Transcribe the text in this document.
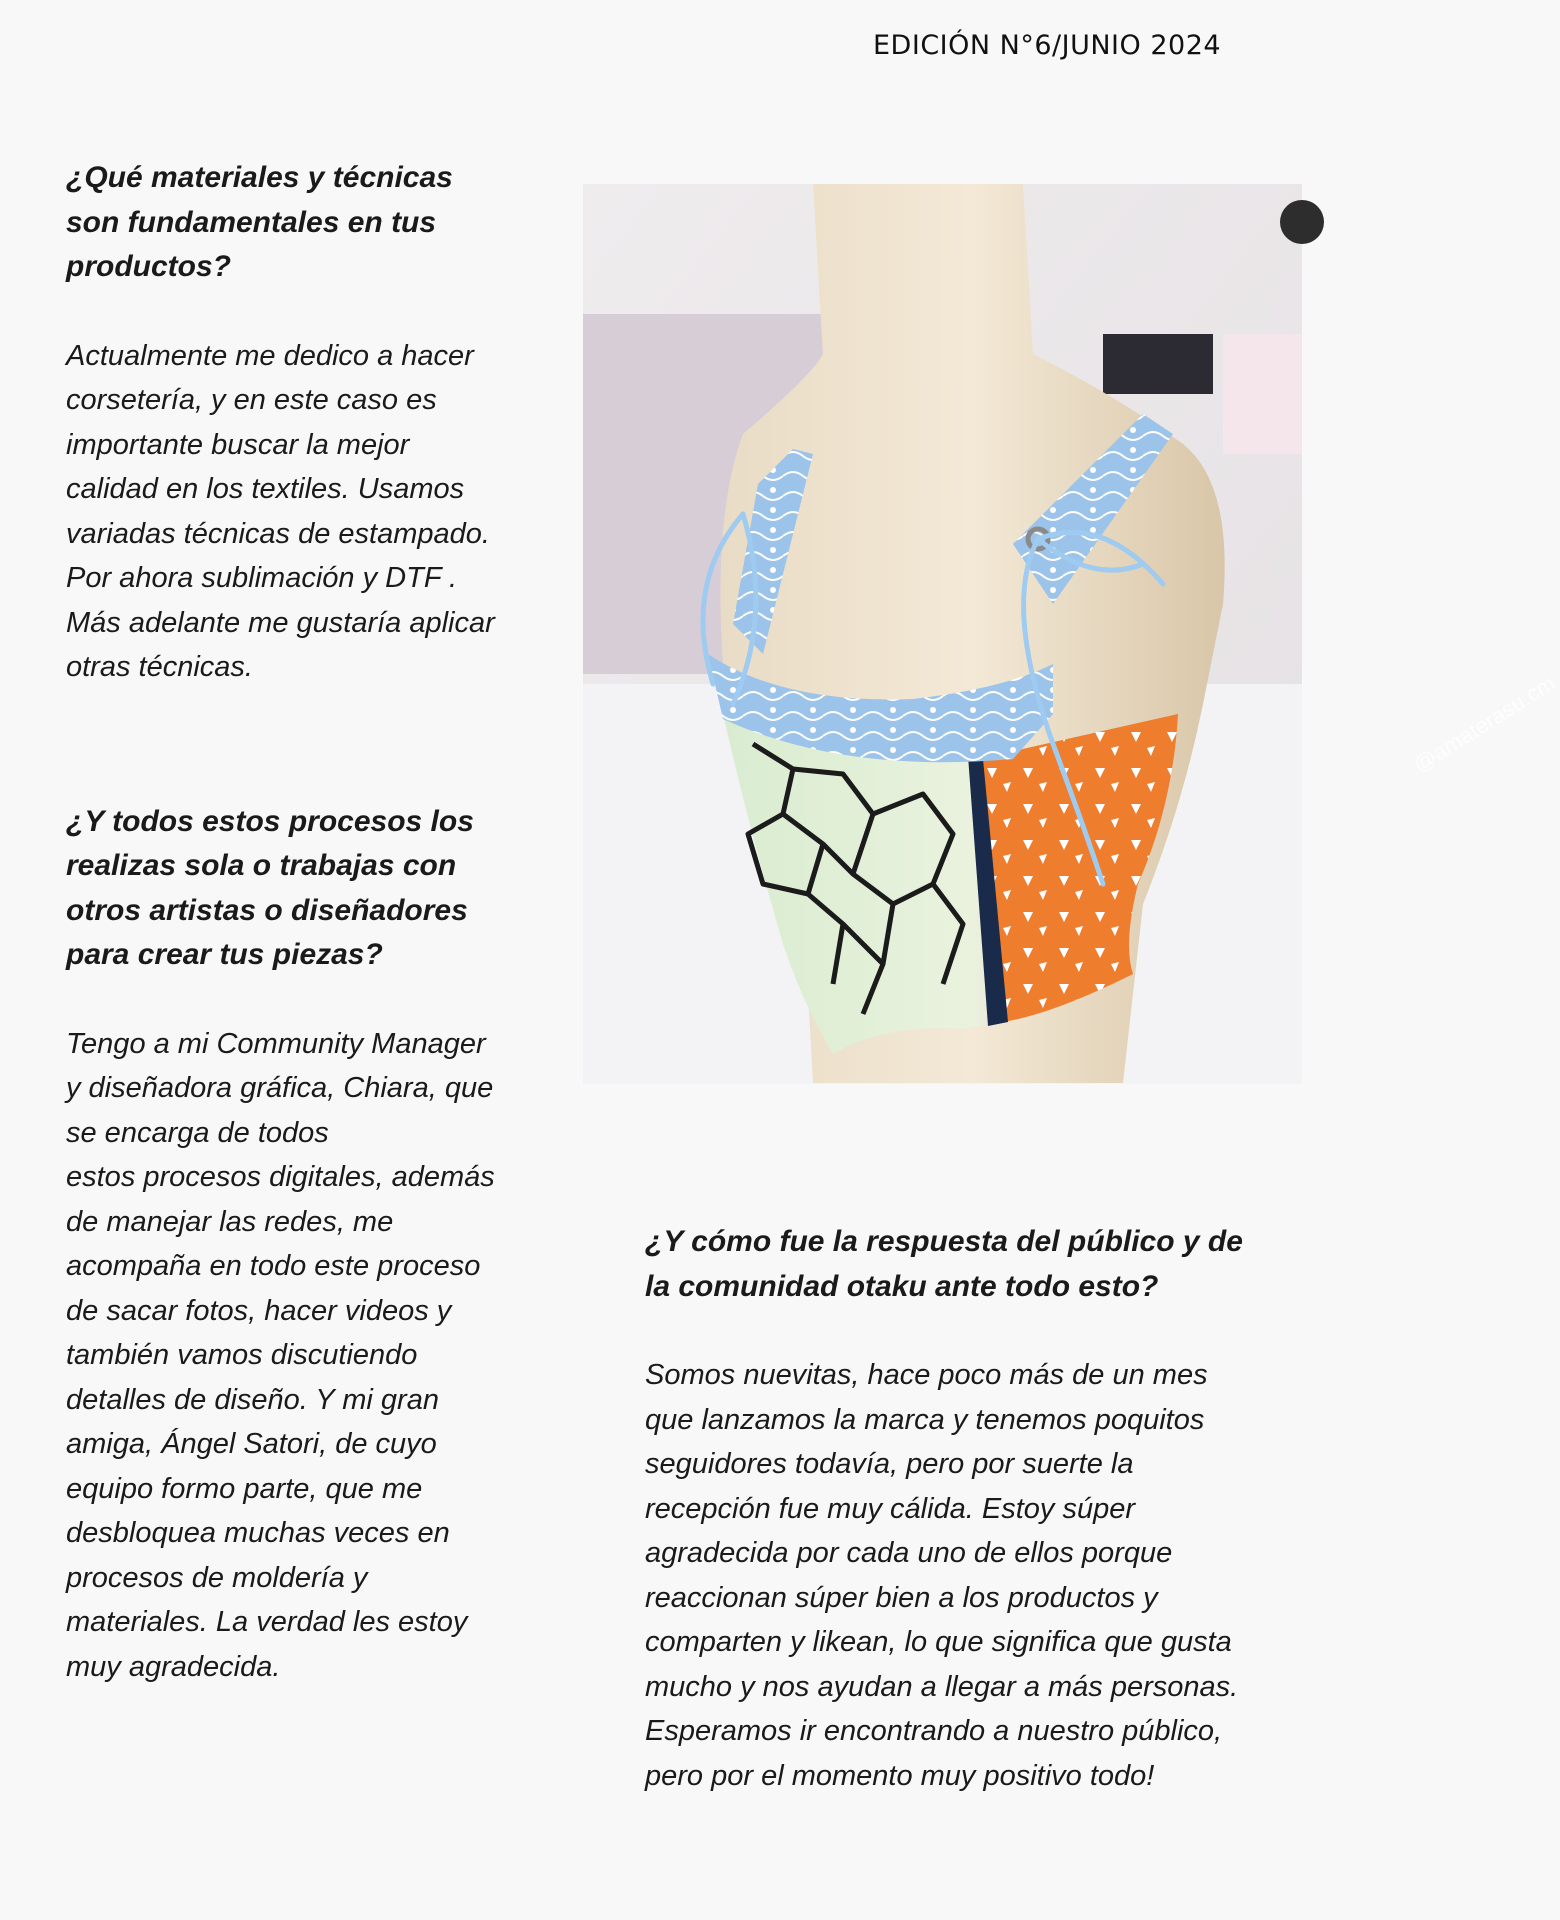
EDICIÓN N°6/JUNIO 2024

¿Qué materiales y técnicas
son fundamentales en tus
productos?

Actualmente me dedico a hacer
corsetería, y en este caso es
importante buscar la mejor
calidad en los textiles. Usamos
variadas técnicas de estampado.
Por ahora sublimación y DTF .
Más adelante me gustaría aplicar
otras técnicas.

¿Y todos estos procesos los
realizas sola o trabajas con
otros artistas o diseñadores
para crear tus piezas?

Tengo a mi Community Manager
y diseñadora gráfica, Chiara, que
se encarga de todos
estos procesos digitales, además
de manejar las redes, me
acompaña en todo este proceso
de sacar fotos, hacer videos y
también vamos discutiendo
detalles de diseño. Y mi gran
amiga, Ángel Satori, de cuyo
equipo formo parte, que me
desbloquea muchas veces en
procesos de moldería y
materiales. La verdad les estoy
muy agradecida.

@amaterasu.cm

¿Y cómo fue la respuesta del público y de
la comunidad otaku ante todo esto?

Somos nuevitas, hace poco más de un mes
que lanzamos la marca y tenemos poquitos
seguidores todavía, pero por suerte la
recepción fue muy cálida. Estoy súper
agradecida por cada uno de ellos porque
reaccionan súper bien a los productos y
comparten y likean, lo que significa que gusta
mucho y nos ayudan a llegar a más personas.
Esperamos ir encontrando a nuestro público,
pero por el momento muy positivo todo!
